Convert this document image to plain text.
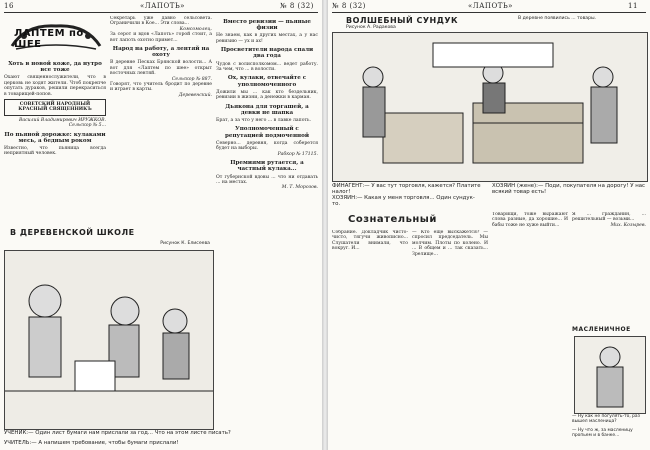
16	«ЛАПОТЬ»	№ 8 (32)
ЛАПТЕМ по ШЕЕ
Хоть в новой коже, да нутро все тоже
Охают священнослужители, что в церковь не ходят жители. Чтоб покрепче опутать дураков, решили перекраситься в товарищей-попов.
СОВЕТСКИЙ НАРОДНЫЙ
КРАСНЫЙ СВЯЩЕННИКЪ
Василий Владимирович ИРУЖКОВ.
Сельскор № 5...
По пьяной дорожке: кулаками месь, а бедным роком
Известно, что пьяница всегда неприятный человек.
Секретарь уже давно сельсовета. Ограничили в Кое... Эти слова...
Комсомолец.
За серот и вдов «Лапоть» горой стоит, а вот лапоть охотно примет...
Народ на работу, а лентяй на охоту
В деревне Песках Брянской волости... А вот для «Лаптем по шее» открыт восточных лентяй.
Сельскор № 887.
Говорят, что учитель бродит по деревне и играет в карты.
Деревенский.
Вместо ревизии — пьяные физии
Не знаем, как в других местах, а у нас ревизию — ух и ах!
Просветители народа спали два года
Чудов с волисполкомом... ведет работу. За чем, что ... в волости.
Ох, кулаки, отвечайте с уполномоченного
Дожили мы ... как кто бездельник, ревизии в жизни, а денежки в карман.
Дьякона для торгашей, а девки не шапка
Брат, а за что у него ... в лавке лапоть.
Уполномоченный с репутацией подмоченной
Северно... деревня, когда соберется будет на выборы.
Рабкор № 17115.
Премиями рутается, а частный кулака...
От губернской вдовы ... что ни отдавать ... на местах.
М. Т. Морозов.
В ДЕРЕВЕНСКОЙ ШКОЛЕ
Рисунок К. Елисеева
УЧЕНИК:— Один лист бумаги нам прислали за год... Что на этом листе писать?
УЧИТЕЛЬ:— А напишем требование, чтобы бумаги прислали!
№ 8 (32)	«ЛАПОТЬ»	11
ВОЛШЕБНЫЙ СУНДУК
Рисунок А. Радакова
В деревне появились ... товары.
ФИНАГЕНТ:— У вас тут торговля, кажется? Платите налог!
ХОЗЯИН:— Какая у меня торговля... Один сундук-то.
ХОЗЯИН (жене):— Поди, покупателя на дорогу! У нас всякий товар есть!
Сознательный
Собрание. Докладчик чисто-чисто, тягучи живописно... Слушатели внимали, что вокруг. И...
— Кто ещё выскажется? — спросил председатель. Мы молчим. Плоты по колено. И ... В общем и ... так сказать... Зрелище…
Товарищи, тоже выражают слова разные, да хорошие... И бабы тоже не хуже выйти...
Я ... гражданин, ... решительный — возьми...
Мих. Козырев.
МАСЛЕНИЧНОЕ
— Ну как не погулять-то, раз вышел масленица?
— Ну что ж, за масленицу пропьем и в банке...
